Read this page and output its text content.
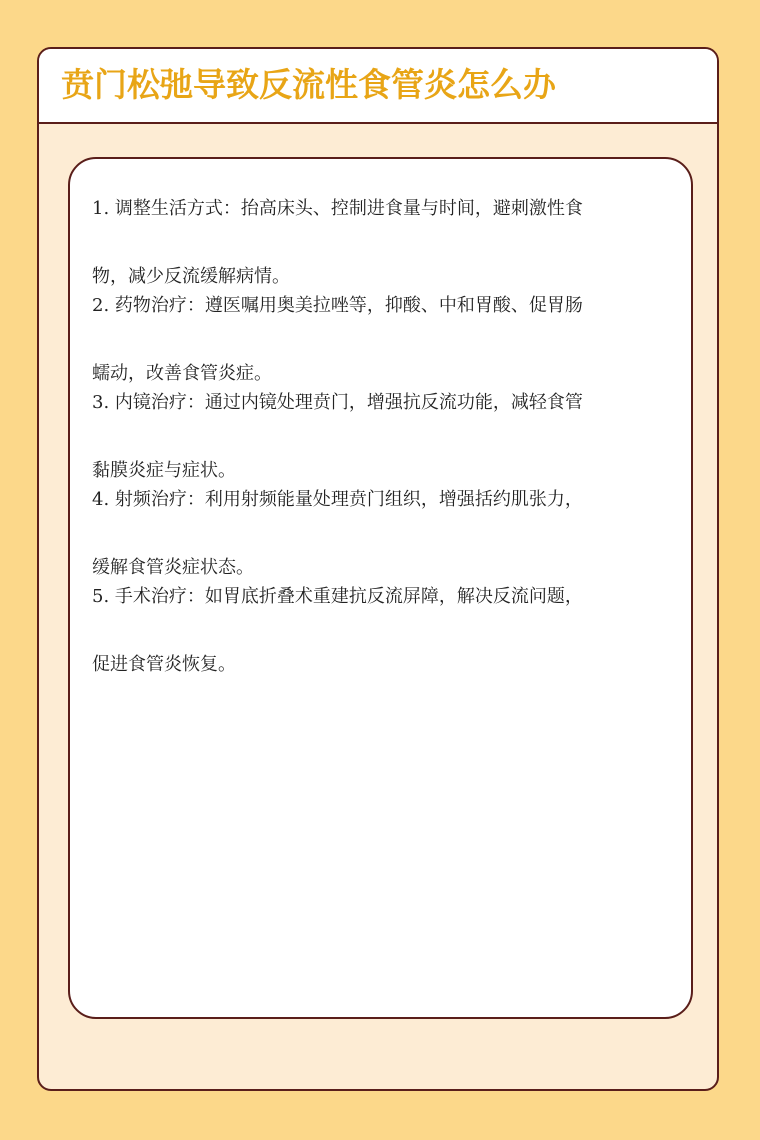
贲门松弛导致反流性食管炎怎么办
1. 调整生活方式：抬高床头、控制进食量与时间，避刺激性食
物，减少反流缓解病情。
2. 药物治疗：遵医嘱用奥美拉唑等，抑酸、中和胃酸、促胃肠
蠕动，改善食管炎症。
3. 内镜治疗：通过内镜处理贲门，增强抗反流功能，减轻食管
黏膜炎症与症状。
4. 射频治疗：利用射频能量处理贲门组织，增强括约肌张力，
缓解食管炎症状态。
5. 手术治疗：如胃底折叠术重建抗反流屏障，解决反流问题，
促进食管炎恢复。
